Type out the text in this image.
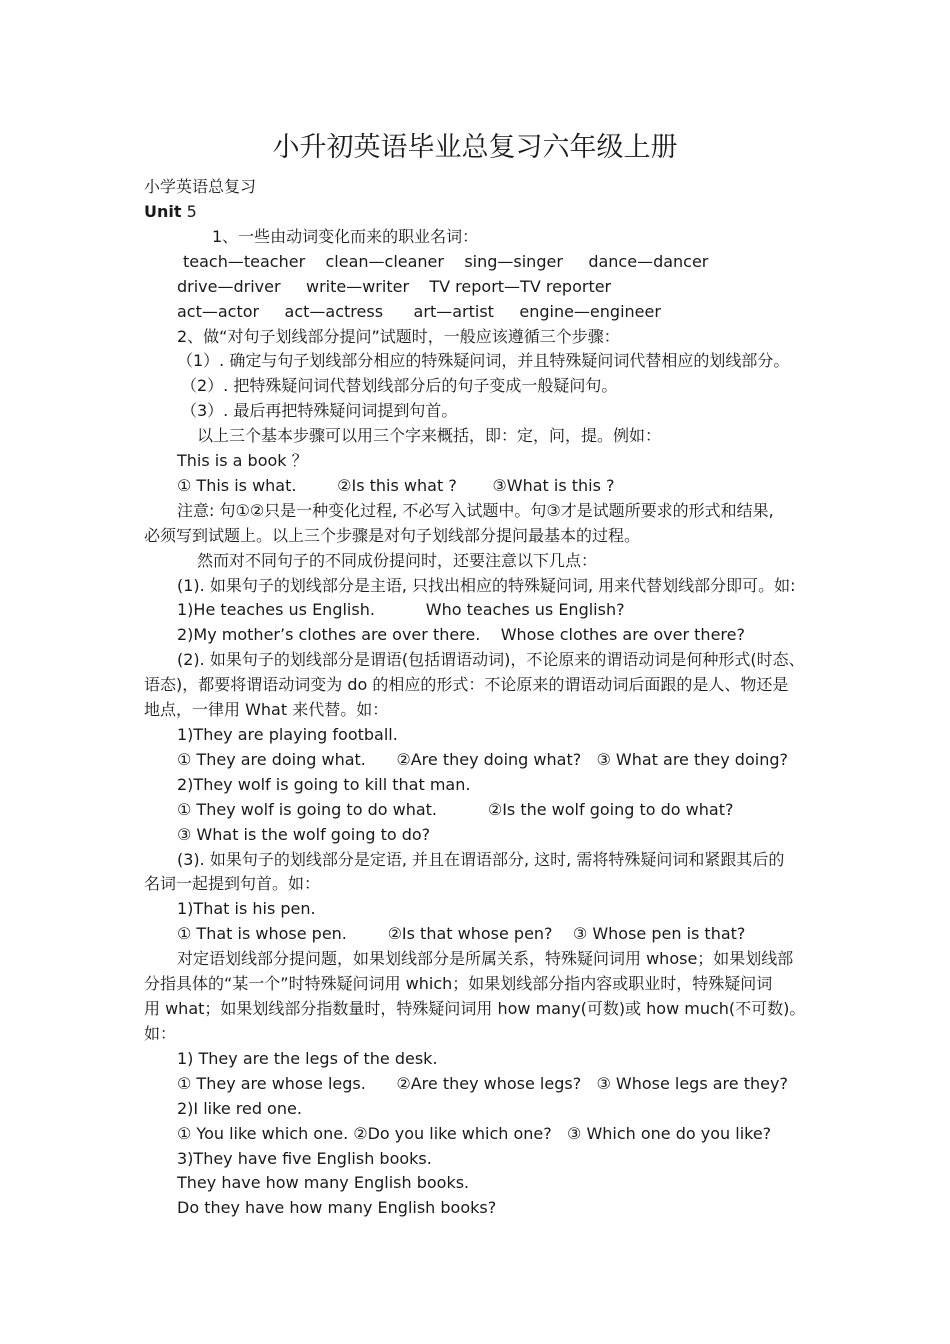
小升初英语毕业总复习六年级上册
小学英语总复习
Unit 5
1、一些由动词变化而来的职业名词：
teach—teacher    clean—cleaner    sing—singer     dance—dancer
drive—driver     write—writer    TV report—TV reporter
act—actor     act—actress      art—artist     engine—engineer
2、做“对句子划线部分提问”试题时，一般应该遵循三个步骤：
（1）. 确定与句子划线部分相应的特殊疑问词，并且特殊疑问词代替相应的划线部分。
（2）. 把特殊疑问词代替划线部分后的句子变成一般疑问句。
（3）. 最后再把特殊疑问词提到句首。
以上三个基本步骤可以用三个字来概括，即：定，问，提。例如：
This is a book ？
① This is what.        ②Is this what ?       ③What is this ?
注意: 句①②只是一种变化过程, 不必写入试题中。句③才是试题所要求的形式和结果,
必须写到试题上。以上三个步骤是对句子划线部分提问最基本的过程。
然而对不同句子的不同成份提问时，还要注意以下几点：
(1). 如果句子的划线部分是主语, 只找出相应的特殊疑问词, 用来代替划线部分即可。如:
1)He teaches us English.          Who teaches us English?
2)My mother’s clothes are over there.    Whose clothes are over there?
(2). 如果句子的划线部分是谓语(包括谓语动词)，不论原来的谓语动词是何种形式(时态、
语态)，都要将谓语动词变为 do 的相应的形式：不论原来的谓语动词后面跟的是人、物还是
地点，一律用 What 来代替。如：
1)They are playing football.
① They are doing what.      ②Are they doing what?   ③ What are they doing?
2)They wolf is going to kill that man.
① They wolf is going to do what.          ②Is the wolf going to do what?
③ What is the wolf going to do?
(3). 如果句子的划线部分是定语, 并且在谓语部分, 这时, 需将特殊疑问词和紧跟其后的
名词一起提到句首。如：
1)That is his pen.
① That is whose pen.        ②Is that whose pen?    ③ Whose pen is that?
对定语划线部分提问题，如果划线部分是所属关系，特殊疑问词用 whose；如果划线部
分指具体的“某一个”时特殊疑问词用 which；如果划线部分指内容或职业时，特殊疑问词
用 what；如果划线部分指数量时，特殊疑问词用 how many(可数)或 how much(不可数)。
如：
1) They are the legs of the desk.
① They are whose legs.      ②Are they whose legs?   ③ Whose legs are they?
2)I like red one.
① You like which one. ②Do you like which one?   ③ Which one do you like?
3)They have five English books.
They have how many English books.
Do they have how many English books?
